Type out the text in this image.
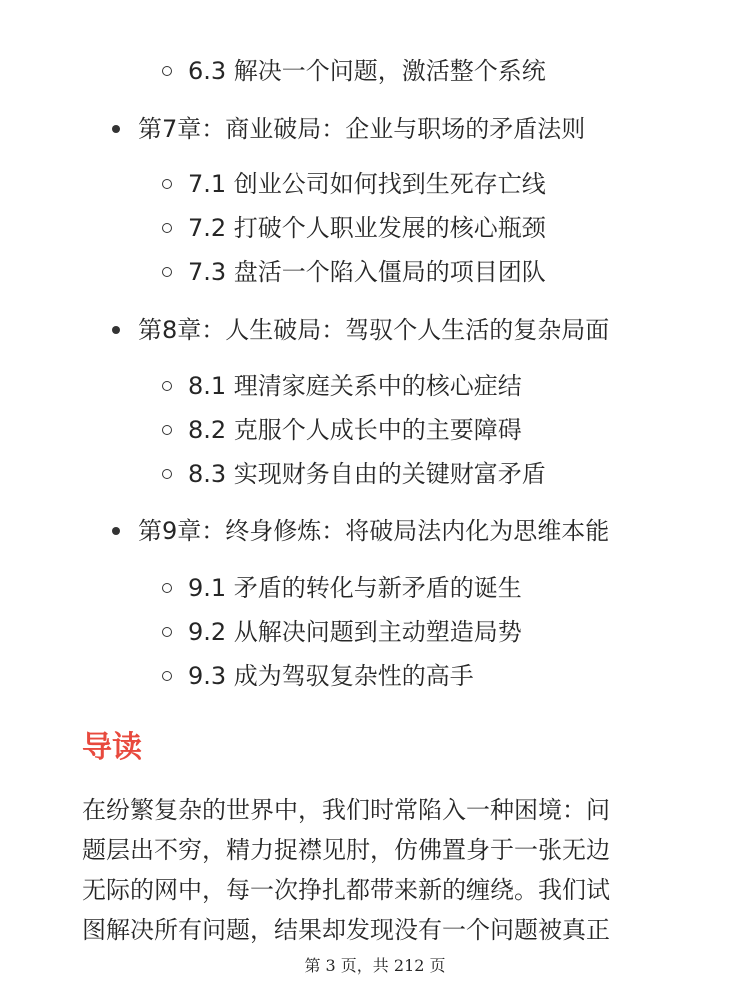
6.3 解决一个问题，激活整个系统
第7章：商业破局：企业与职场的矛盾法则
7.1 创业公司如何找到生死存亡线
7.2 打破个人职业发展的核心瓶颈
7.3 盘活一个陷入僵局的项目团队
第8章：人生破局：驾驭个人生活的复杂局面
8.1 理清家庭关系中的核心症结
8.2 克服个人成长中的主要障碍
8.3 实现财务自由的关键财富矛盾
第9章：终身修炼：将破局法内化为思维本能
9.1 矛盾的转化与新矛盾的诞生
9.2 从解决问题到主动塑造局势
9.3 成为驾驭复杂性的高手
导读

在纷繁复杂的世界中，我们时常陷入一种困境：问
题层出不穷，精力捉襟见肘，仿佛置身于一张无边
无际的网中，每一次挣扎都带来新的缠绕。我们试
图解决所有问题，结果却发现没有一个问题被真正

第 3 页，共 212 页
